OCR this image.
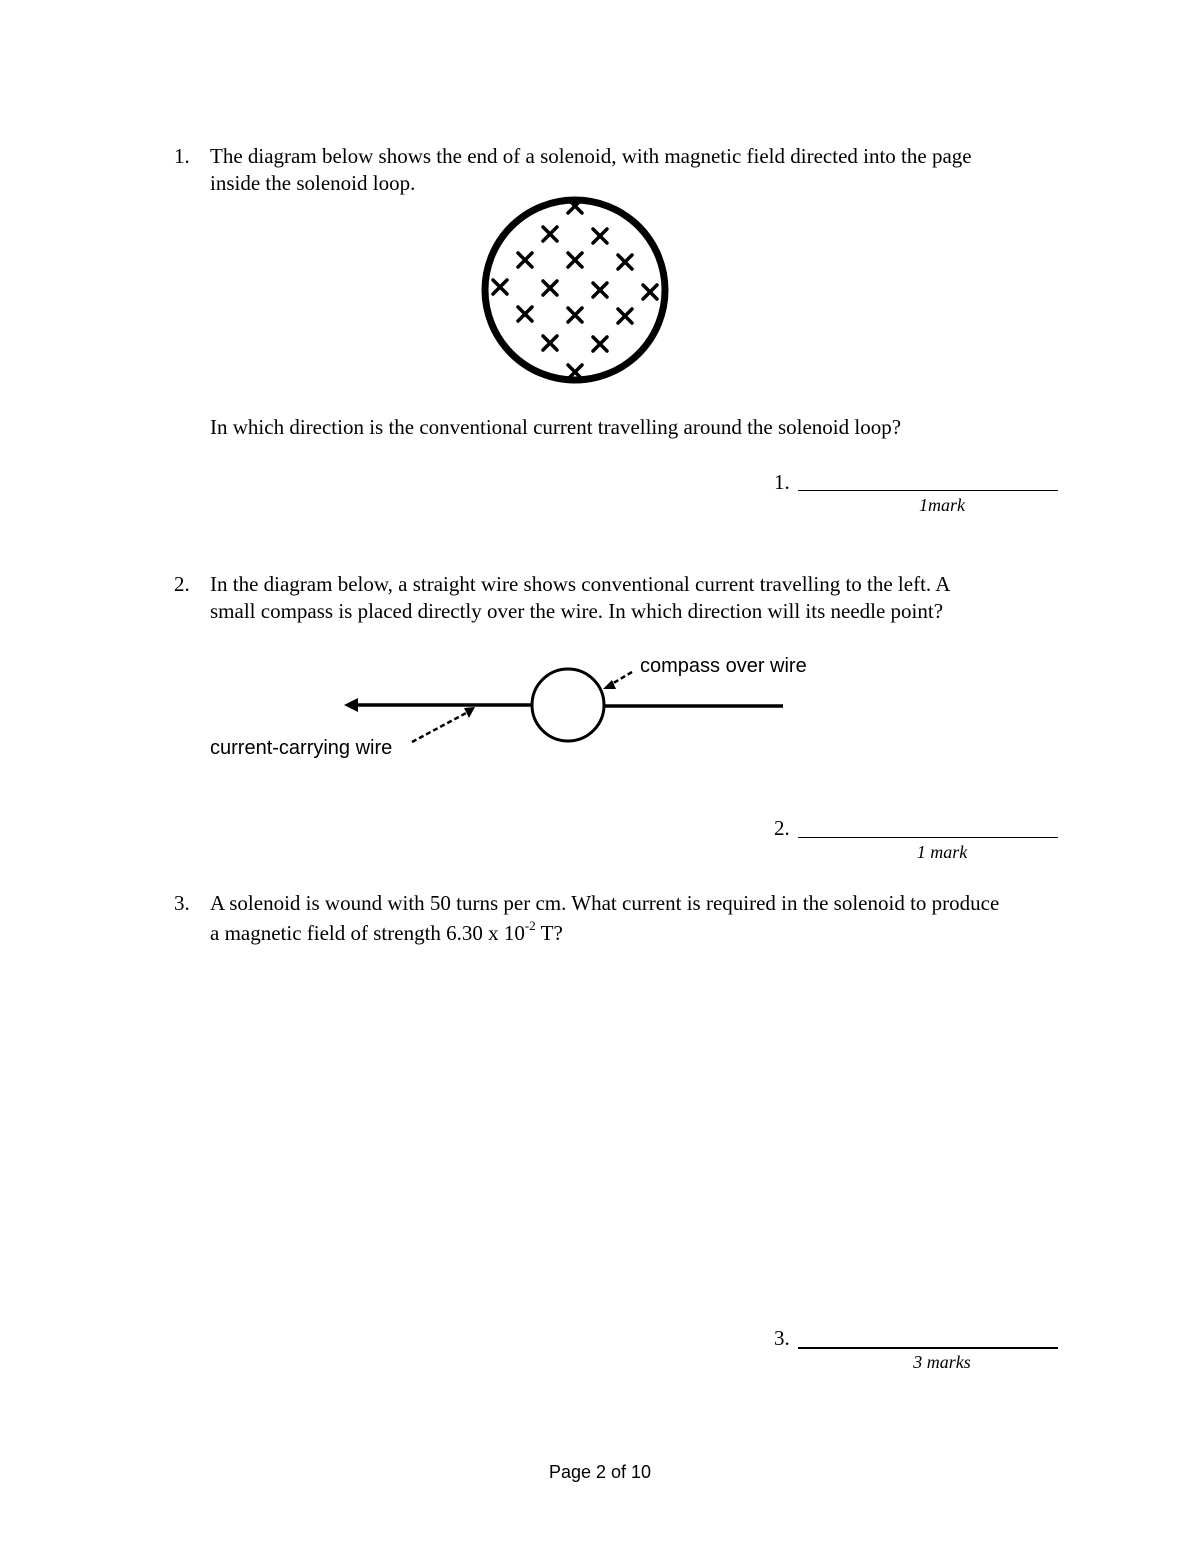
1. The diagram below shows the end of a solenoid, with magnetic field directed into the page
inside the solenoid loop.
compass over wire
current-carrying wire
In which direction is the conventional current travelling around the solenoid loop?
1.
1mark
2. In the diagram below, a straight wire shows conventional current travelling to the left. A
small compass is placed directly over the wire. In which direction will its needle point?
2.
1 mark
3. A solenoid is wound with 50 turns per cm. What current is required in the solenoid to produce
a magnetic field of strength 6.30 x $10^{-2}$ T?
3.
3 marks
Page 2 of 10
